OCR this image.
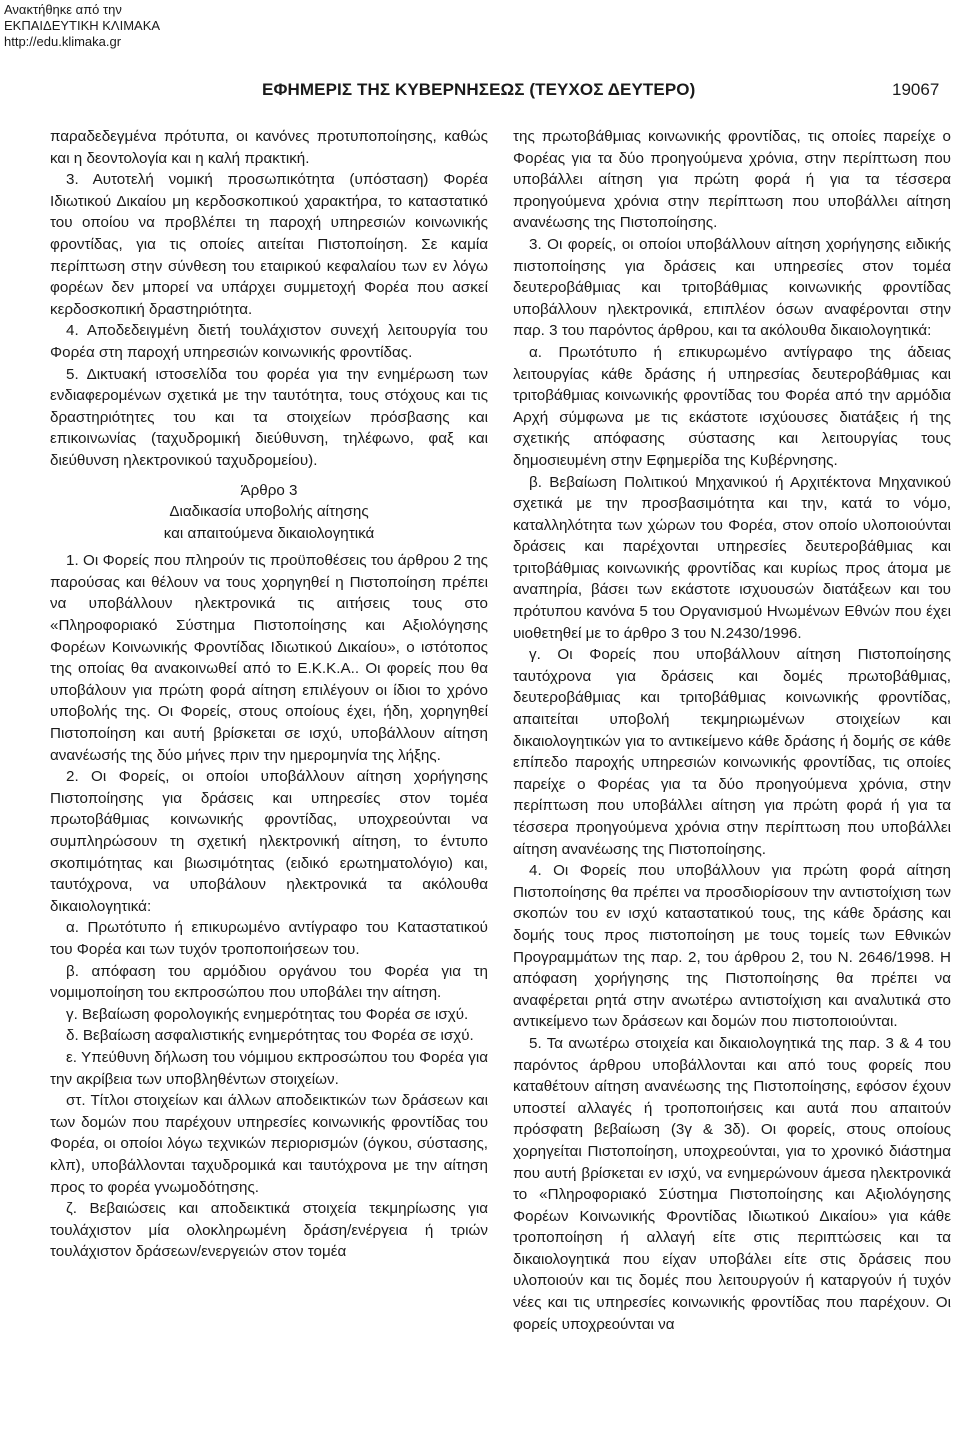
Ανακτήθηκε από την
ΕΚΠΑΙΔΕΥΤΙΚΗ ΚΛΙΜΑΚΑ
http://edu.klimaka.gr
ΕΦΗΜΕΡΙΣ ΤΗΣ ΚΥΒΕΡΝΗΣΕΩΣ (ΤΕΥΧΟΣ ΔΕΥΤΕΡΟ)	19067

παραδεδεγμένα πρότυπα, οι κανόνες προτυποποίησης, καθώς και η δεοντολογία και η καλή πρακτική.

3. Αυτοτελή νομική προσωπικότητα (υπόσταση) Φορέα Ιδιωτικού Δικαίου μη κερδοσκοπικού χαρακτήρα, το καταστατικό του οποίου να προβλέπει τη παροχή υπηρεσιών κοινωνικής φροντίδας, για τις οποίες αιτείται Πιστοποίηση. Σε καμία περίπτωση στην σύνθεση του εταιρικού κεφαλαίου των εν λόγω φορέων δεν μπορεί να υπάρχει συμμετοχή Φορέα που ασκεί κερδοσκοπική δραστηριότητα.

4. Αποδεδειγμένη διετή τουλάχιστον συνεχή λειτουργία του Φορέα στη παροχή υπηρεσιών κοινωνικής φροντίδας.

5. Δικτυακή ιστοσελίδα του φορέα για την ενημέρωση των ενδιαφερομένων σχετικά με την ταυτότητα, τους στόχους και τις δραστηριότητες του και τα στοιχείων πρόσβασης και επικοινωνίας (ταχυδρομική διεύθυνση, τηλέφωνο, φαξ και διεύθυνση ηλεκτρονικού ταχυδρομείου).

Άρθρο 3
Διαδικασία υποβολής αίτησης
και απαιτούμενα δικαιολογητικά

1. Οι Φορείς που πληρούν τις προϋποθέσεις του άρθρου 2 της παρούσας και θέλουν να τους χορηγηθεί η Πιστοποίηση πρέπει να υποβάλλουν ηλεκτρονικά τις αιτήσεις τους στο «Πληροφοριακό Σύστημα Πιστοποίησης και Αξιολόγησης Φορέων Κοινωνικής Φροντίδας Ιδιωτικού Δικαίου», ο ιστότοπος της οποίας θα ανακοινωθεί από το Ε.Κ.Κ.Α.. Οι φορείς που θα υποβάλουν για πρώτη φορά αίτηση επιλέγουν οι ίδιοι το χρόνο υποβολής της. Οι Φορείς, στους οποίους έχει, ήδη, χορηγηθεί Πιστοποίηση και αυτή βρίσκεται σε ισχύ, υποβάλλουν αίτηση ανανέωσής της δύο μήνες πριν την ημερομηνία της λήξης.

2. Οι Φορείς, οι οποίοι υποβάλλουν αίτηση χορήγησης Πιστοποίησης για δράσεις και υπηρεσίες στον τομέα πρωτοβάθμιας κοινωνικής φροντίδας, υποχρεούνται να συμπληρώσουν τη σχετική ηλεκτρονική αίτηση, το έντυπο σκοπιμότητας και βιωσιμότητας (ειδικό ερωτηματολόγιο) και, ταυτόχρονα, να υποβάλουν ηλεκτρονικά τα ακόλουθα δικαιολογητικά:

α. Πρωτότυπο ή επικυρωμένο αντίγραφο του Καταστατικού του Φορέα και των τυχόν τροποποιήσεων του.

β. απόφαση του αρμόδιου οργάνου του Φορέα για τη νομιμοποίηση του εκπροσώπου που υποβάλει την αίτηση.

γ. Βεβαίωση φορολογικής ενημερότητας του Φορέα σε ισχύ.

δ. Βεβαίωση ασφαλιστικής ενημερότητας του Φορέα σε ισχύ.

ε. Υπεύθυνη δήλωση του νόμιμου εκπροσώπου του Φορέα για την ακρίβεια των υποβληθέντων στοιχείων.

στ. Τίτλοι στοιχείων και άλλων αποδεικτικών των δράσεων και των δομών που παρέχουν υπηρεσίες κοινωνικής φροντίδας του Φορέα, οι οποίοι λόγω τεχνικών περιορισμών (όγκου, σύστασης, κλπ), υποβάλλονται ταχυδρομικά και ταυτόχρονα με την αίτηση προς το φορέα γνωμοδότησης.

ζ. Βεβαιώσεις και αποδεικτικά στοιχεία τεκμηρίωσης για τουλάχιστον μία ολοκληρωμένη δράση/ενέργεια ή τριών τουλάχιστον δράσεων/ενεργειών στον τομέα

της πρωτοβάθμιας κοινωνικής φροντίδας, τις οποίες παρείχε ο Φορέας για τα δύο προηγούμενα χρόνια, στην περίπτωση που υποβάλλει αίτηση για πρώτη φορά ή για τα τέσσερα προηγούμενα χρόνια στην περίπτωση που υποβάλλει αίτηση ανανέωσης της Πιστοποίησης.

3. Οι φορείς, οι οποίοι υποβάλλουν αίτηση χορήγησης ειδικής πιστοποίησης για δράσεις και υπηρεσίες στον τομέα δευτεροβάθμιας και τριτοβάθμιας κοινωνικής φροντίδας υποβάλλουν ηλεκτρονικά, επιπλέον όσων αναφέρονται στην παρ. 3 του παρόντος άρθρου, και τα ακόλουθα δικαιολογητικά:

α. Πρωτότυπο ή επικυρωμένο αντίγραφο της άδειας λειτουργίας κάθε δράσης ή υπηρεσίας δευτεροβάθμιας και τριτοβάθμιας κοινωνικής φροντίδας του Φορέα από την αρμόδια Αρχή σύμφωνα με τις εκάστοτε ισχύουσες διατάξεις ή της σχετικής απόφασης σύστασης και λειτουργίας τους δημοσιευμένη στην Εφημερίδα της Κυβέρνησης.

β. Βεβαίωση Πολιτικού Μηχανικού ή Αρχιτέκτονα Μηχανικού σχετικά με την προσβασιμότητα και την, κατά το νόμο, καταλληλότητα των χώρων του Φορέα, στον οποίο υλοποιούνται δράσεις και παρέχονται υπηρεσίες δευτεροβάθμιας και τριτοβάθμιας κοινωνικής φροντίδας και κυρίως προς άτομα με αναπηρία, βάσει των εκάστοτε ισχυουσών διατάξεων και του πρότυπου κανόνα 5 του Οργανισμού Ηνωμένων Εθνών που έχει υιοθετηθεί με το άρθρο 3 του Ν.2430/1996.

γ. Οι Φορείς που υποβάλλουν αίτηση Πιστοποίησης ταυτόχρονα για δράσεις και δομές πρωτοβάθμιας, δευτεροβάθμιας και τριτοβάθμιας κοινωνικής φροντίδας, απαιτείται υποβολή τεκμηριωμένων στοιχείων και δικαιολογητικών για το αντικείμενο κάθε δράσης ή δομής σε κάθε επίπεδο παροχής υπηρεσιών κοινωνικής φροντίδας, τις οποίες παρείχε ο Φορέας για τα δύο προηγούμενα χρόνια, στην περίπτωση που υποβάλλει αίτηση για πρώτη φορά ή για τα τέσσερα προηγούμενα χρόνια στην περίπτωση που υποβάλλει αίτηση ανανέωσης της Πιστοποίησης.

4. Οι Φορείς που υποβάλλουν για πρώτη φορά αίτηση Πιστοποίησης θα πρέπει να προσδιορίσουν την αντιστοίχιση των σκοπών του εν ισχύ καταστατικού τους, της κάθε δράσης και δομής τους προς πιστοποίηση με τους τομείς των Εθνικών Προγραμμάτων της παρ. 2, του άρθρου 2, του Ν. 2646/1998. Η απόφαση χορήγησης της Πιστοποίησης θα πρέπει να αναφέρεται ρητά στην ανωτέρω αντιστοίχιση και αναλυτικά στο αντικείμενο των δράσεων και δομών που πιστοποιούνται.

5. Τα ανωτέρω στοιχεία και δικαιολογητικά της παρ. 3 & 4 του παρόντος άρθρου υποβάλλονται και από τους φορείς που καταθέτουν αίτηση ανανέωσης της Πιστοποίησης, εφόσον έχουν υποστεί αλλαγές ή τροποποιήσεις και αυτά που απαιτούν πρόσφατη βεβαίωση (3γ & 3δ). Οι φορείς, στους οποίους χορηγείται Πιστοποίηση, υποχρεούνται, για το χρονικό διάστημα που αυτή βρίσκεται εν ισχύ, να ενημερώνουν άμεσα ηλεκτρονικά το «Πληροφοριακό Σύστημα Πιστοποίησης και Αξιολόγησης Φορέων Κοινωνικής Φροντίδας Ιδιωτικού Δικαίου» για κάθε τροποποίηση ή αλλαγή είτε στις περιπτώσεις και τα δικαιολογητικά που είχαν υποβάλει είτε στις δράσεις που υλοποιούν και τις δομές που λειτουργούν ή καταργούν ή τυχόν νέες και τις υπηρεσίες κοινωνικής φροντίδας που παρέχουν. Οι φορείς υποχρεούνται να
